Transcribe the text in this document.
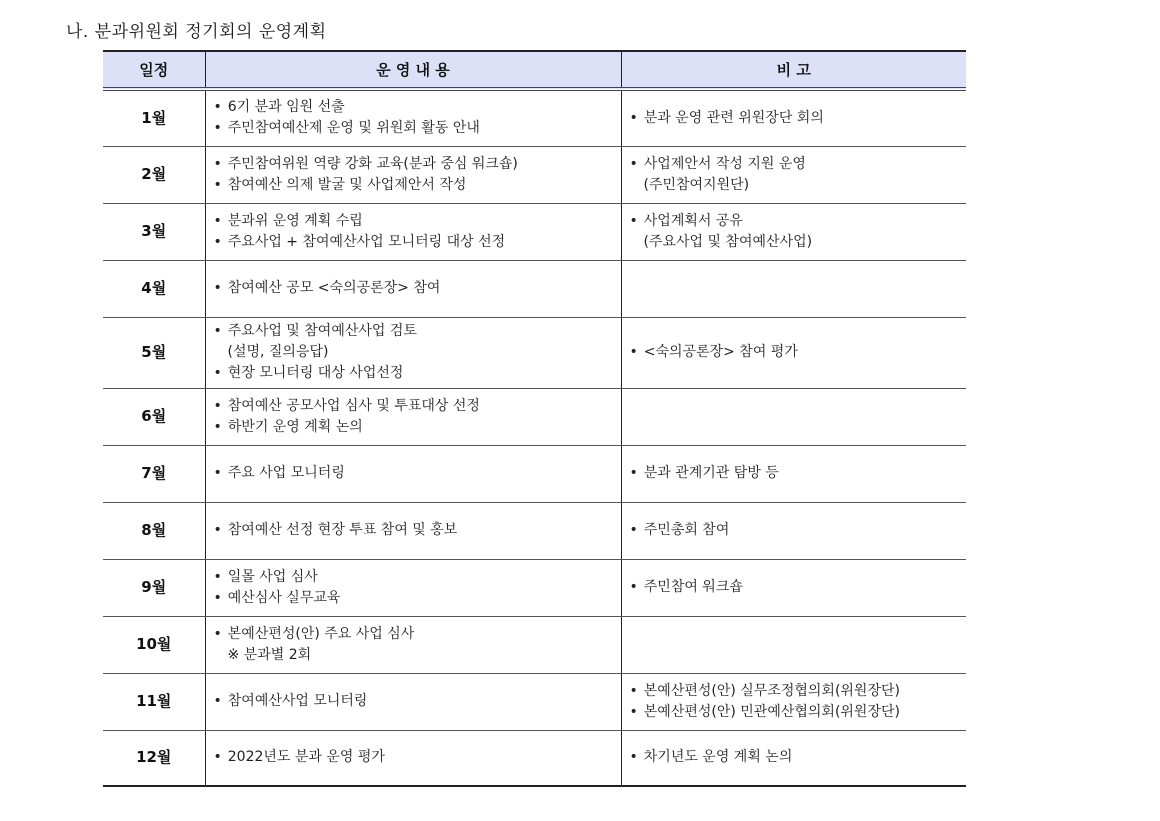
나. 분과위원회 정기회의 운영계획
일정	운 영 내 용	비 고
1월	• 6기 분과 임원 선출
• 주민참여예산제 운영 및 위원회 활동 안내	• 분과 운영 관련 위원장단 회의

2월	• 주민참여위원 역량 강화 교육(분과 중심 워크숍)
• 참여예산 의제 발굴 및 사업제안서 작성	• 사업제안서 작성 지원 운영
(주민참여지원단)

3월	• 분과위 운영 계획 수립
• 주요사업 + 참여예산사업 모니터링 대상 선정	• 사업계획서 공유
(주요사업 및 참여예산사업)

4월	• 참여예산 공모 <숙의공론장> 참여

5월	• 주요사업 및 참여예산사업 검토
(설명, 질의응답)
• 현장 모니터링 대상 사업선정	• <숙의공론장> 참여 평가

6월	• 참여예산 공모사업 심사 및 투표대상 선정
• 하반기 운영 계획 논의

7월	• 주요 사업 모니터링	• 분과 관계기관 탐방 등

8월	• 참여예산 선정 현장 투표 참여 및 홍보	• 주민총회 참여

9월	• 일몰 사업 심사
• 예산심사 실무교육	• 주민참여 워크숍

10월	• 본예산편성(안) 주요 사업 심사
※ 분과별 2회

11월	• 참여예산사업 모니터링	• 본예산편성(안) 실무조정협의회(위원장단)
• 본예산편성(안) 민관예산협의회(위원장단)

12월	• 2022년도 분과 운영 평가	• 차기년도 운영 계획 논의
